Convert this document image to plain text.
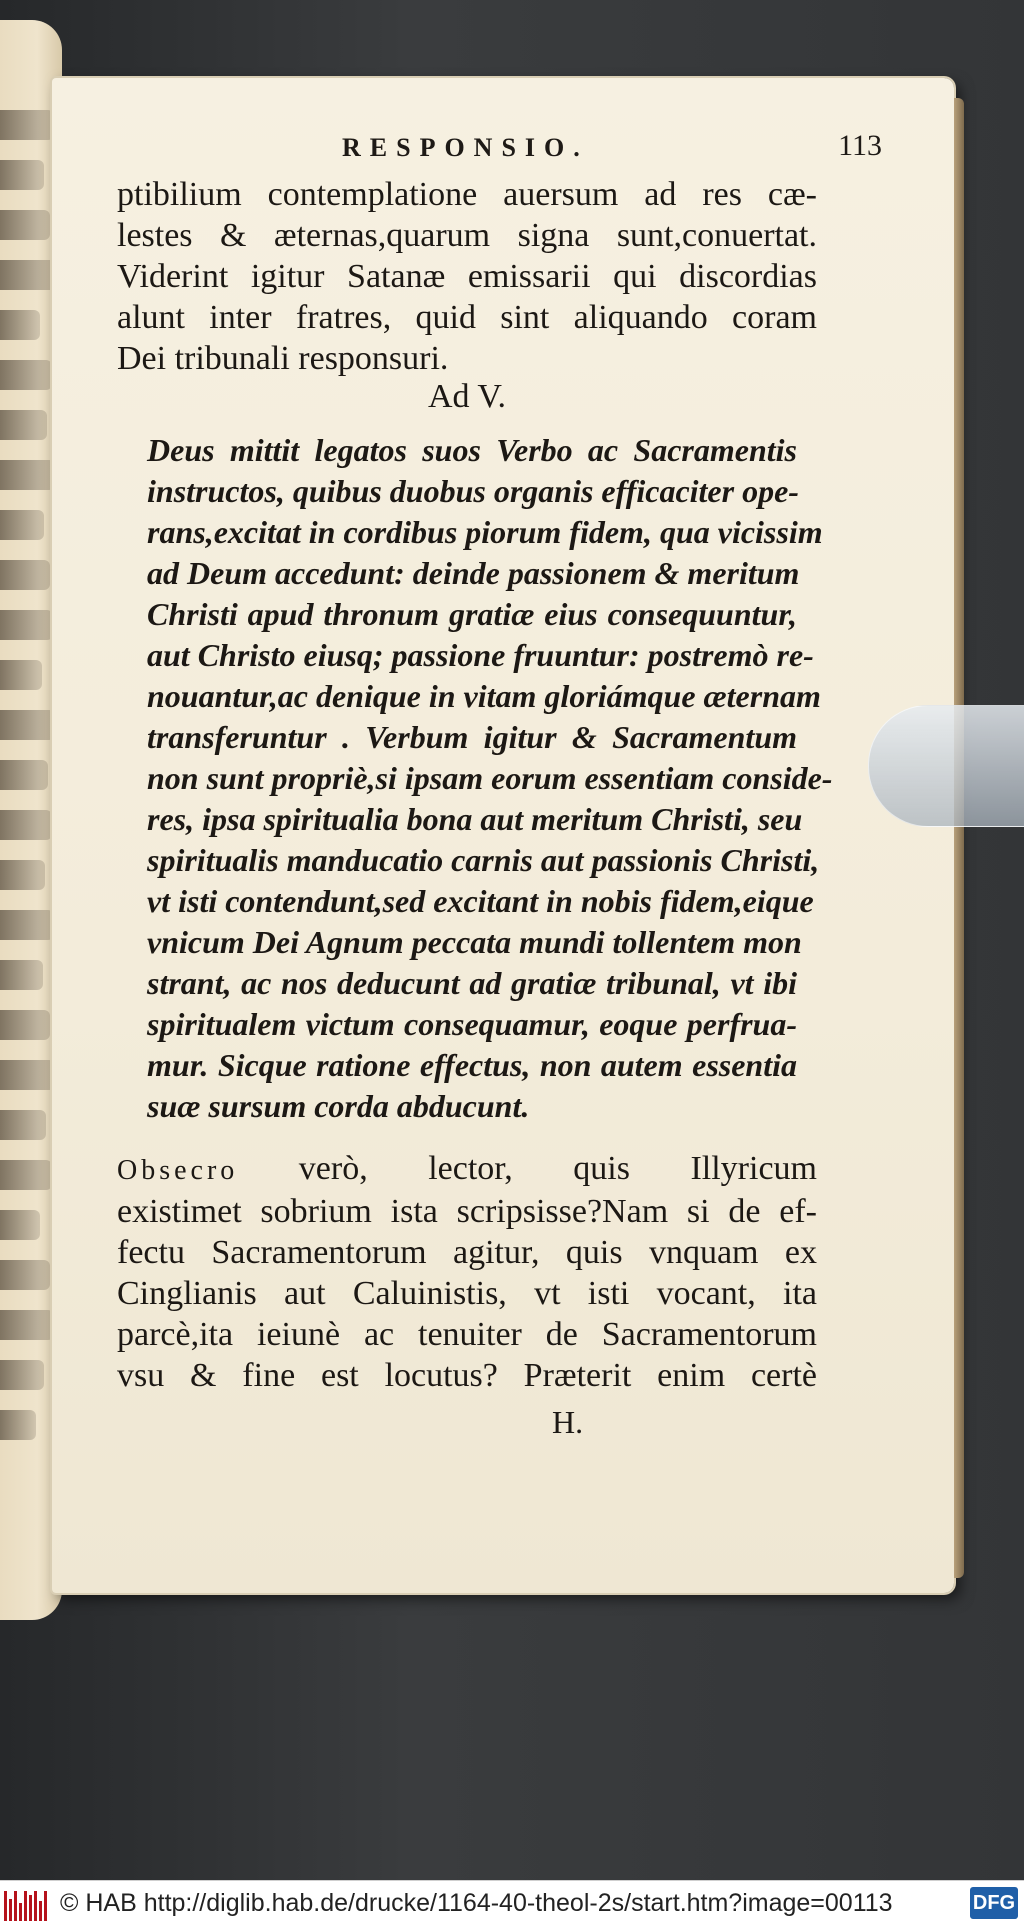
RESPONSIO.	113
ptibilium contemplatione auersum ad res cæ-
lestes & æternas,quarum signa sunt,conuertat.
Viderint igitur Satanæ emissarii qui discordias
alunt inter fratres, quid sint aliquando coram
Dei tribunali responsuri.
Ad V.
Deus mittit legatos suos Verbo ac Sacramentis
instructos, quibus duobus organis efficaciter ope-
rans,excitat in cordibus piorum fidem, qua vicissim
ad Deum accedunt: deinde passionem & meritum
Christi apud thronum gratiæ eius consequuntur,
aut Christo eiusq; passione fruuntur: postremò re-
nouantur,ac denique in vitam gloriámque æternam
transferuntur . Verbum igitur & Sacramentum
non sunt propriè,si ipsam eorum essentiam conside-
res, ipsa spiritualia bona aut meritum Christi, seu
spiritualis manducatio carnis aut passionis Christi,
vt isti contendunt,sed excitant in nobis fidem,eique
vnicum Dei Agnum peccata mundi tollentem mon
strant, ac nos deducunt ad gratiæ tribunal, vt ibi
spiritualem victum consequamur, eoque perfrua-
mur. Sicque ratione effectus, non autem essentia
suæ sursum corda abducunt.
Obsecro verò, lector, quis Illyricum
existimet sobrium ista scripsisse?Nam si de ef-
fectu Sacramentorum agitur, quis vnquam ex
Cinglianis aut Caluinistis, vt isti vocant, ita
parcè,ita ieiunè ac tenuiter de Sacramentorum
vsu & fine est locutus? Præterit enim certè
H.
© HAB http://diglib.hab.de/drucke/1164-40-theol-2s/start.htm?image=00113	DFG
